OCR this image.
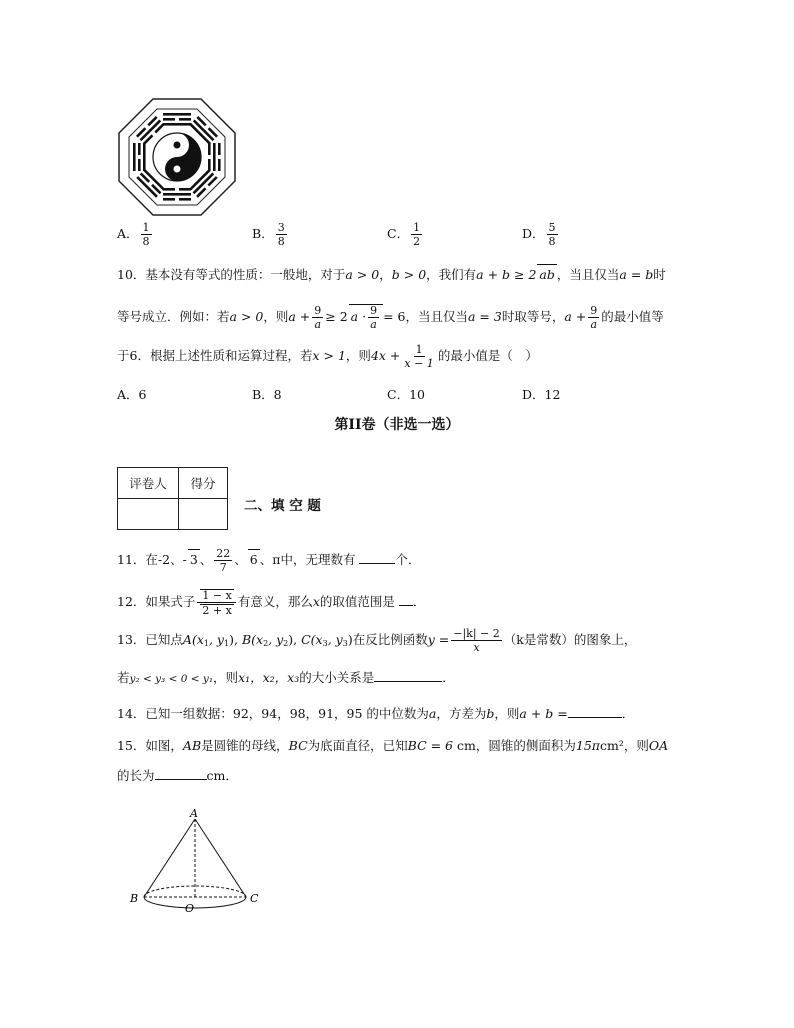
A． $\frac{1}{8}$	B． $\frac{3}{8}$	C． $\frac{1}{2}$	D． $\frac{5}{8}$
10．基本没有等式的性质：一般地，对于a > 0，b > 0，我们有a + b ≥ 2 ab ，当且仅当a = b时
等号成立．例如：若a > 0，则$a + \frac{9}{a} \ge 2$ $a \cdot \frac{9}{a} = 6$，当且仅当a = 3时取等号，$a + \frac{9}{a}$ 的最小值等
于6．根据上述性质和运算过程，若x > 1，则$4x + \frac{1}{x - 1}$ 的最小值是（　）
A．6	B．8	C．10	D．12
第II卷（非选一选）
评卷人	得分

二、填 空 题
11．在-2、- 3 、 $\frac{22}{7}$ 、 6 、π中，无理数有	个．
12．如果式子 $\frac{1 - x}{2 + x}$ 有意义，那么x的取值范围是 ．
13．已知点$A(x_1$, $y_1$), $B(x_2$, $y_2$), $C(x_3$, $y_3$)在反比例函数$y = \frac{-|k| - 2}{x} (k$是常数）的图象上，
若y₂ < y₃ < 0 < y₁，则x₁，x₂，x₃的大小关系是	．
14．已知一组数据：92，94，98，91，95 的中位数为a，方差为b，则a + b =	．
15．如图，AB是圆锥的母线，BC为底面直径，已知BC = 6 cm，圆锥的侧面积为15πcm²，则OA
的长为	cm．
A
B	C
O
